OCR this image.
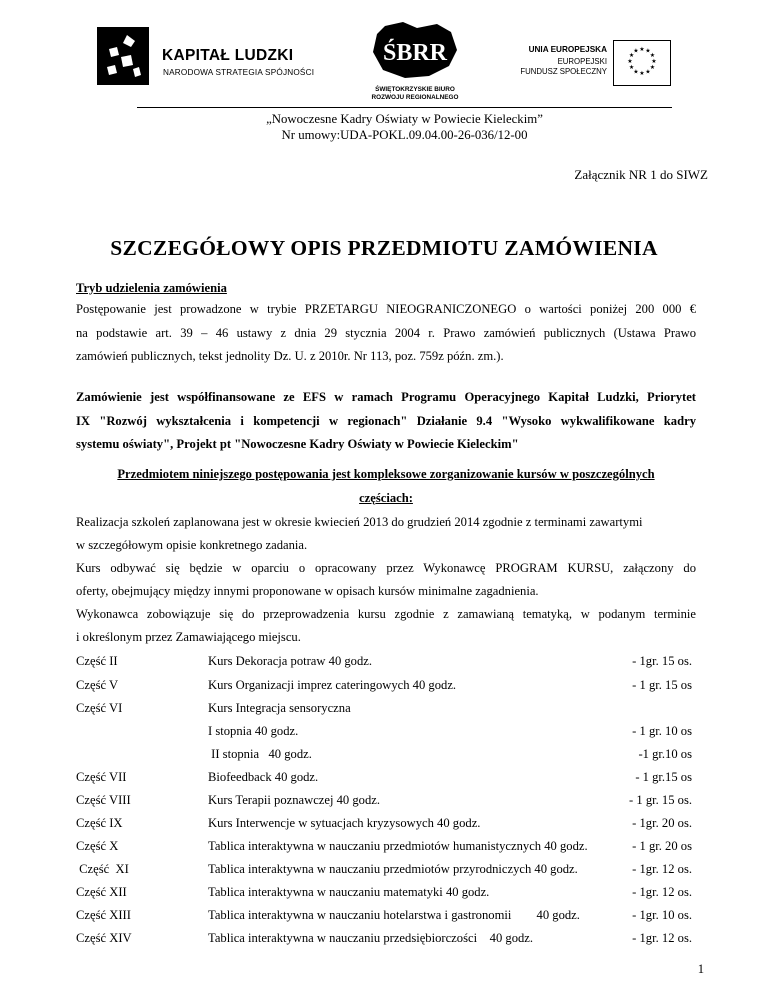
KAPITAŁ LUDZKI
NARODOWA STRATEGIA SPÓJNOŚCI
ŚBRR
ŚWIĘTOKRZYSKIE BIURO
ROZWOJU REGIONALNEGO
UNIA EUROPEJSKA
EUROPEJSKI
FUNDUSZ SPOŁECZNY
★ ★
★
★
★
★
★
★
★
★
★
★
„Nowoczesne Kadry Oświaty w Powiecie Kieleckim”
Nr umowy:UDA-POKL.09.04.00-26-036/12-00
Załącznik NR 1 do SIWZ
SZCZEGÓŁOWY OPIS PRZEDMIOTU ZAMÓWIENIA
Tryb udzielenia zamówienia
Postępowanie jest prowadzone w trybie PRZETARGU NIEOGRANICZONEGO o wartości poniżej 200 000 €
na podstawie art. 39 – 46 ustawy z dnia 29 stycznia 2004 r. Prawo zamówień publicznych (Ustawa Prawo
zamówień publicznych, tekst jednolity Dz. U. z 2010r. Nr 113, poz. 759z późn. zm.).
Zamówienie jest współfinansowane ze EFS w ramach Programu Operacyjnego Kapitał Ludzki, Priorytet
IX "Rozwój wykształcenia i kompetencji w regionach" Działanie 9.4 "Wysoko wykwalifikowane kadry
systemu oświaty", Projekt pt "Nowoczesne Kadry Oświaty w Powiecie Kieleckim"
Przedmiotem niniejszego postępowania jest kompleksowe zorganizowanie kursów w poszczególnych
częściach:
Realizacja szkoleń zaplanowana jest w okresie kwiecień 2013 do grudzień 2014 zgodnie z terminami zawartymi
w szczegółowym opisie konkretnego zadania.
Kurs odbywać się będzie w oparciu o opracowany przez Wykonawcę PROGRAM KURSU, załączony do
oferty, obejmujący między innymi proponowane w opisach kursów minimalne zagadnienia.
Wykonawca zobowiązuje się do przeprowadzenia kursu zgodnie z zamawianą tematyką, w podanym terminie
i określonym przez Zamawiającego miejscu.
Część II	Kurs Dekoracja potraw 40 godz.	- 1gr. 15 os.
Część V	Kurs Organizacji imprez cateringowych 40 godz.	- 1 gr. 15 os
Część VI	Kurs Integracja sensoryczna
I stopnia 40 godz.	- 1 gr. 10 os
II stopnia   40 godz.	-1 gr.10 os
Część VII	Biofeedback 40 godz.	- 1 gr.15 os
Część VIII	Kurs Terapii poznawczej 40 godz.	- 1 gr. 15 os.
Część IX	Kurs Interwencje w sytuacjach kryzysowych 40 godz.	- 1gr. 20 os.
Część X	Tablica interaktywna w nauczaniu przedmiotów humanistycznych 40 godz.	- 1 gr. 20 os
Część  XI	Tablica interaktywna w nauczaniu przedmiotów przyrodniczych 40 godz.	- 1gr. 12 os.
Część XII	Tablica interaktywna w nauczaniu matematyki 40 godz.	- 1gr. 12 os.
Część XIII	Tablica interaktywna w nauczaniu hotelarstwa i gastronomii        40 godz.	- 1gr. 10 os.
Część XIV	Tablica interaktywna w nauczaniu przedsiębiorczości    40 godz.	- 1gr. 12 os.
1
